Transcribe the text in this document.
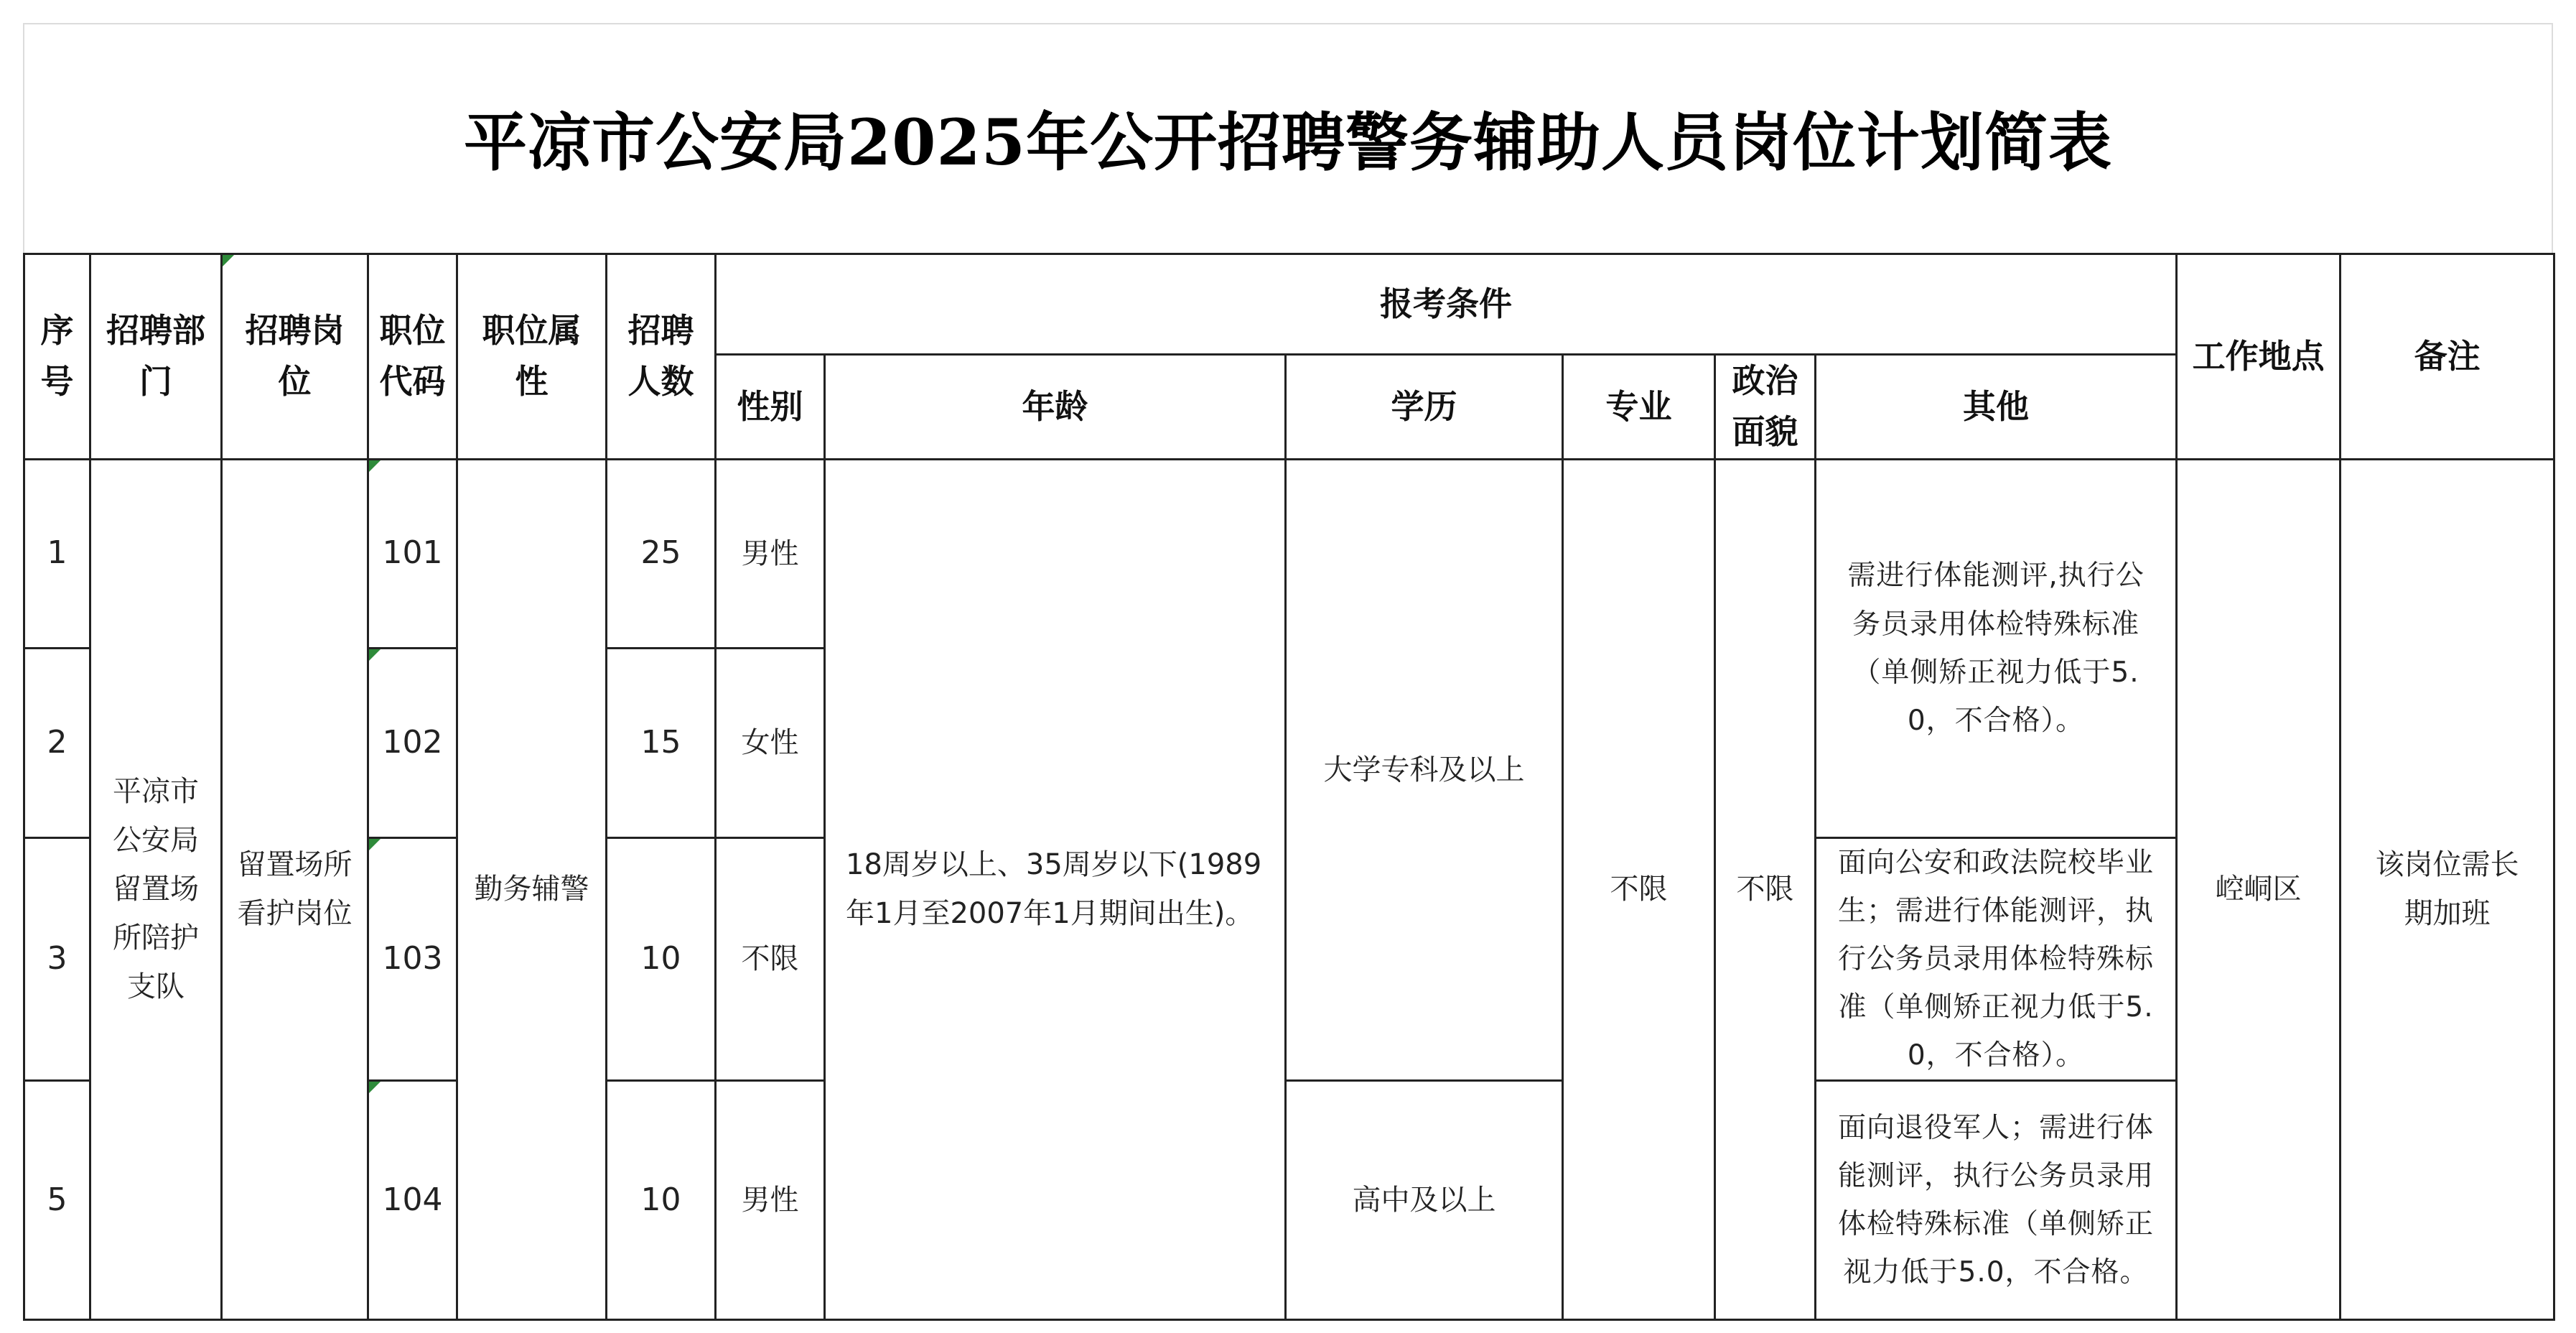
平凉市公安局2025年公开招聘警务辅助人员岗位计划简表
序号	招聘部门	招聘岗位	职位代码	职位属性	招聘人数	报考条件						工作地点	备注
						性别	年龄	学历	专业	政治面貌	其他		
1	平凉市公安局留置场所陪护支队	留置场所看护岗位	101	勤务辅警	25	男性	18周岁以上、35周岁以下(1989年1月至2007年1月期间出生)。	大学专科及以上	不限	不限	需进行体能测评,执行公务员录用体检特殊标准（单侧矫正视力低于5.0，不合格）。	崆峒区	该岗位需长期加班
2			102		15	女性							
3			103		10	不限					面向公安和政法院校毕业生；需进行体能测评，执行公务员录用体检特殊标准（单侧矫正视力低于5.0，不合格）。		
5			104		10	男性		高中及以上			面向退役军人；需进行体能测评，执行公务员录用体检特殊标准（单侧矫正视力低于5.0，不合格。		
